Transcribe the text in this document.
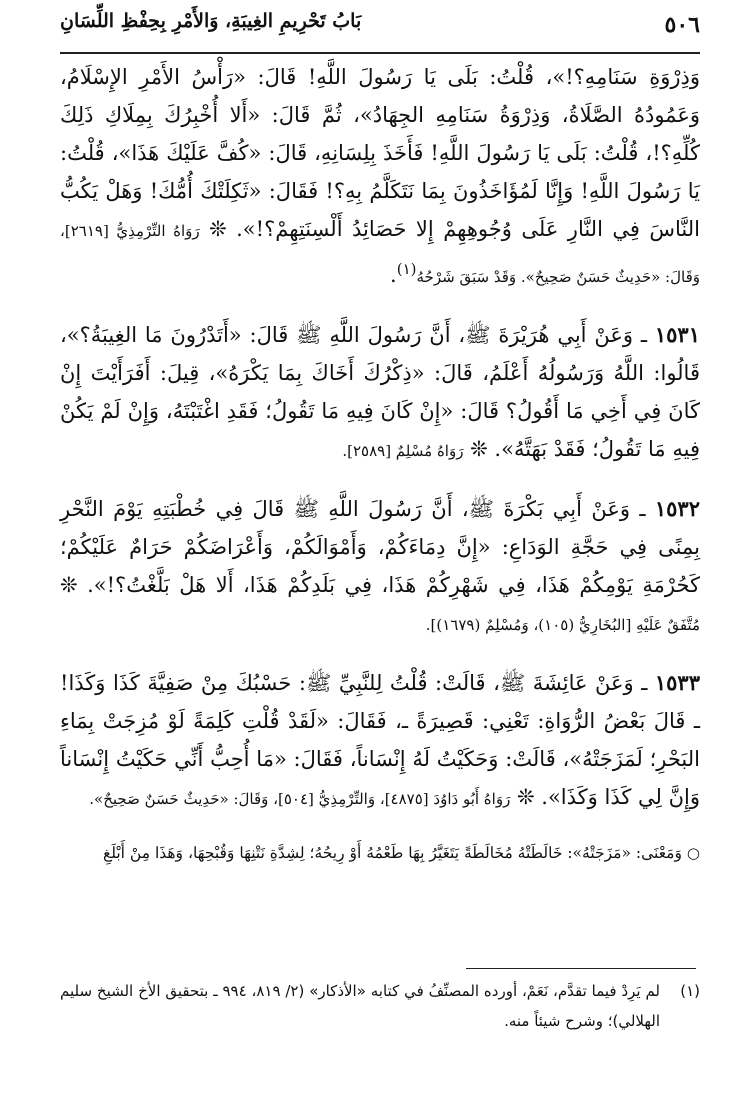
٥٠٦
بَابُ تَحْرِيمِ الغِيبَةِ، وَالأَمْرِ بِحِفْظِ اللِّسَانِ

وَذِرْوَةِ سَنَامِهِ؟!»، قُلْتُ: بَلَى يَا رَسُولَ اللَّهِ! قَالَ: «رَأْسُ الأَمْرِ الإِسْلَامُ، وَعَمُودُهُ الصَّلَاةُ، وَذِرْوَةُ سَنَامِهِ الجِهَادُ»، ثُمَّ قَالَ: «أَلا أُخْبِرُكَ بِمِلَاكِ ذَلِكَ كُلِّهِ؟!، قُلْتُ: بَلَى يَا رَسُولَ اللَّهِ! فَأَخَذَ بِلِسَانِهِ، قَالَ: «كُفَّ عَلَيْكَ هَذَا»، قُلْتُ: يَا رَسُولَ اللَّهِ! وَإِنَّا لَمُؤَاخَذُونَ بِمَا نَتَكَلَّمُ بِهِ؟! فَقَالَ: «ثَكِلَتْكَ أُمُّكَ! وَهَلْ يَكُبُّ النَّاسَ فِي النَّارِ عَلَى وُجُوهِهِمْ إِلا حَصَائِدُ أَلْسِنَتِهِمْ؟!». ❊ رَوَاهُ التِّرْمِذِيُّ [٢٦١٩]، وَقَالَ: «حَدِيثٌ حَسَنٌ صَحِيحٌ». وَقَدْ سَبَقَ شَرْحُهُ$^{(١)}$.

١٥٣١ ـ وَعَنْ أَبِي هُرَيْرَةَ ﷺ، أَنَّ رَسُولَ اللَّهِ ﷺ قَالَ: «أَتَدْرُونَ مَا الغِيبَةُ؟»، قَالُوا: اللَّهُ وَرَسُولُهُ أَعْلَمُ، قَالَ: «ذِكْرُكَ أَخَاكَ بِمَا يَكْرَهُ»، قِيلَ: أَفَرَأَيْتَ إِنْ كَانَ فِي أَخِي مَا أَقُولُ؟ قَالَ: «إِنْ كَانَ فِيهِ مَا تَقُولُ؛ فَقَدِ اغْتَبْتَهُ، وَإِنْ لَمْ يَكُنْ فِيهِ مَا تَقُولُ؛ فَقَدْ بَهَتَّهُ». ❊ رَوَاهُ مُسْلِمٌ [٢٥٨٩].

١٥٣٢ ـ وَعَنْ أَبِي بَكْرَةَ ﷺ، أَنَّ رَسُولَ اللَّهِ ﷺ قَالَ فِي خُطْبَتِهِ يَوْمَ النَّحْرِ بِمِنًى فِي حَجَّةِ الوَدَاعِ: «إِنَّ دِمَاءَكُمْ، وَأَمْوَالَكُمْ، وَأَعْرَاضَكُمْ حَرَامٌ عَلَيْكُمْ؛ كَحُرْمَةِ يَوْمِكُمْ هَذَا، فِي شَهْرِكُمْ هَذَا، فِي بَلَدِكُمْ هَذَا، أَلا هَلْ بَلَّغْتُ؟!». ❊ مُتَّفَقٌ عَلَيْهِ [البُخَارِيُّ (١٠٥)، وَمُسْلِمٌ (١٦٧٩)].

١٥٣٣ ـ وَعَنْ عَائِشَةَ ﷺ، قَالَتْ: قُلْتُ لِلنَّبِيِّ ﷺ: حَسْبُكَ مِنْ صَفِيَّةَ كَذَا وَكَذَا! ـ قَالَ بَعْضُ الرُّوَاةِ: تَعْنِي: قَصِيرَةً ـ، فَقَالَ: «لَقَدْ قُلْتِ كَلِمَةً لَوْ مُزِجَتْ بِمَاءِ البَحْرِ؛ لَمَزَجَتْهُ»، قَالَتْ: وَحَكَيْتُ لَهُ إِنْسَاناً، فَقَالَ: «مَا أُحِبُّ أَنِّي حَكَيْتُ إِنْسَاناً وَإِنَّ لِي كَذَا وَكَذَا». ❊ رَوَاهُ أَبُو دَاوُدَ [٤٨٧٥]، وَالتِّرْمِذِيُّ [٥٠٤]، وَقَالَ: «حَدِيثٌ حَسَنٌ صَحِيحٌ».

○ وَمَعْنَى: «مَزَجَتْهُ»: خَالَطَتْهُ مُخَالَطَةً يَتَغَيَّرُ بِهَا طَعْمُهُ أَوْ رِيحُهُ؛ لِشِدَّةِ نَتْنِهَا وَقُبْحِهَا، وَهَذَا مِنْ أَبْلَغِ

(١)
لم يَرِدْ فيما تقدَّم، نَعَمْ، أورده المصنِّفُ في كتابه «الأذكار» (٢/ ٨١٩، ٩٩٤ ـ بتحقيق الأخ الشيخ سليم الهلالي)؛ وشرح شيئاً منه.
